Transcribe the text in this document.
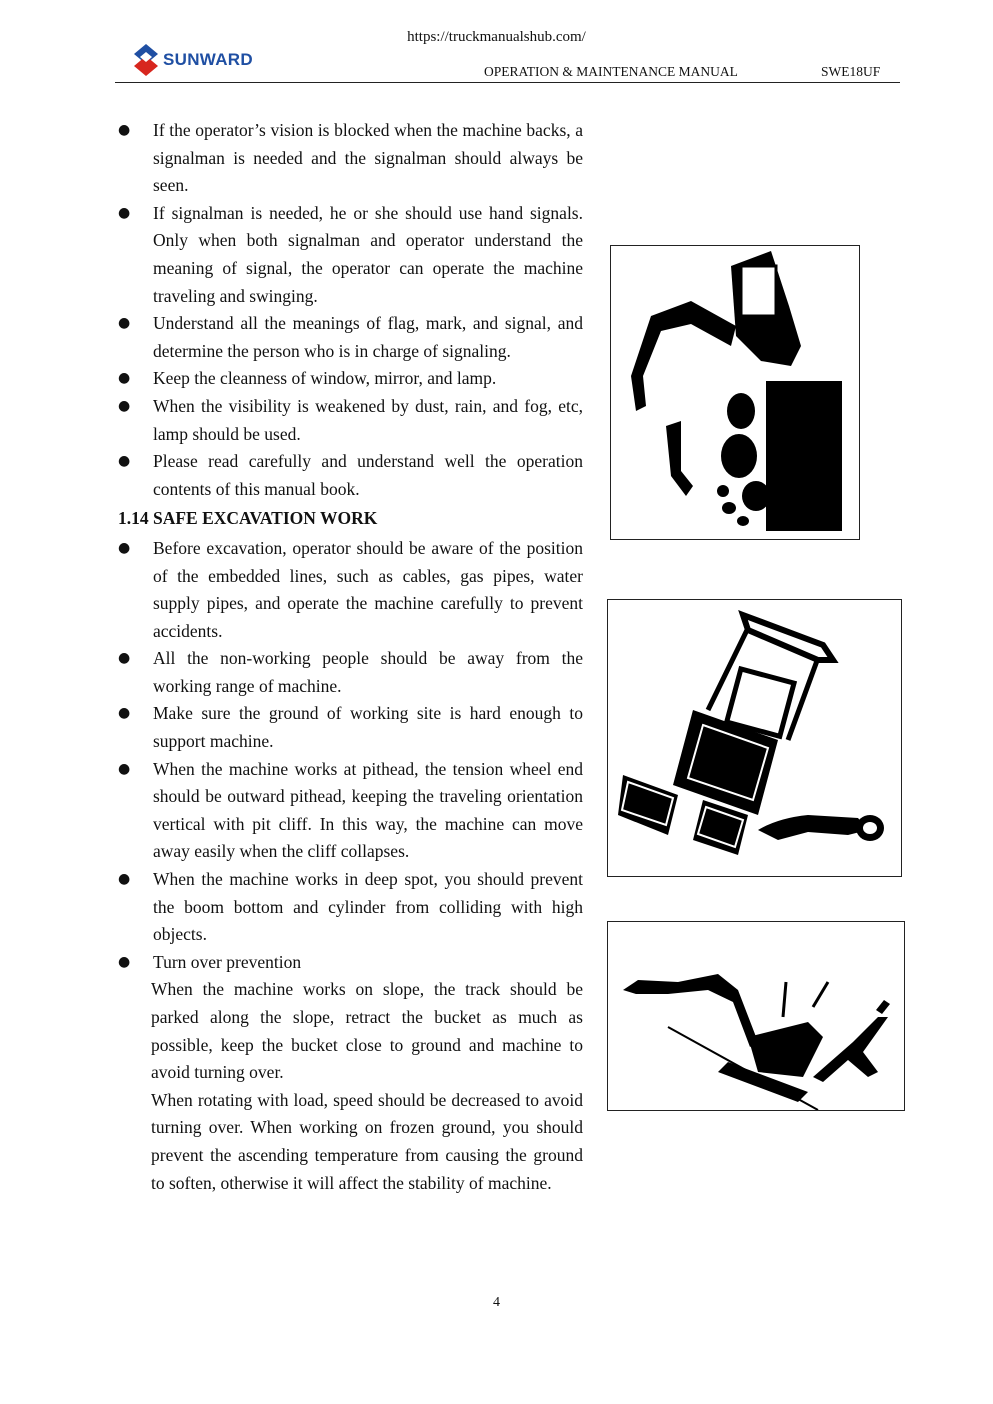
https://truckmanualshub.com/
SUNWARD
OPERATION & MAINTENANCE MANUAL	SWE18UF
● If the operator’s vision is blocked when the machine backs, a signalman is needed and the signalman should always be seen.
● If signalman is needed, he or she should use hand signals. Only when both signalman and operator understand the meaning of signal, the operator can operate the machine traveling and swinging.
● Understand all the meanings of flag, mark, and signal, and determine the person who is in charge of signaling.
● Keep the cleanness of window, mirror, and lamp.
● When the visibility is weakened by dust, rain, and fog, etc, lamp should be used.
● Please read carefully and understand well the operation contents of this manual book.
1.14 SAFE EXCAVATION WORK
● Before excavation, operator should be aware of the position of the embedded lines, such as cables, gas pipes, water supply pipes, and operate the machine carefully to prevent accidents.
● All the non-working people should be away from the working range of machine.
● Make sure the ground of working site is hard enough to support machine.
● When the machine works at pithead, the tension wheel end should be outward pithead, keeping the traveling orientation vertical with pit cliff. In this way, the machine can move away easily when the cliff collapses.
● When the machine works in deep spot, you should prevent the boom bottom and cylinder from colliding with high objects.
● Turn over prevention
When the machine works on slope, the track should be parked along the slope, retract the bucket as much as possible, keep the bucket close to ground and machine to avoid turning over.
When rotating with load, speed should be decreased to avoid turning over. When working on frozen ground, you should prevent the ascending temperature from causing the ground to soften, otherwise it will affect the stability of machine.
4
